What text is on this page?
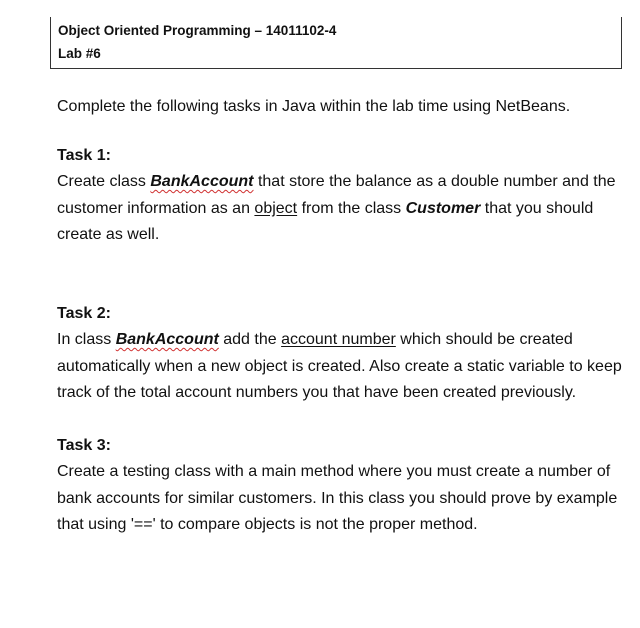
Object Oriented Programming – 14011102-4
Lab #6

Complete the following tasks in Java within the lab time using NetBeans.

Task 1:

Create class BankAccount that store the balance as a double number and the customer information as an object from the class Customer that you should create as well.

Task 2:

In class BankAccount add the account number which should be created automatically when a new object is created. Also create a static variable to keep track of the total account numbers you that have been created previously.

Task 3:

Create a testing class with a main method where you must create a number of bank accounts for similar customers. In this class you should prove by example that using '==' to compare objects is not the proper method.
